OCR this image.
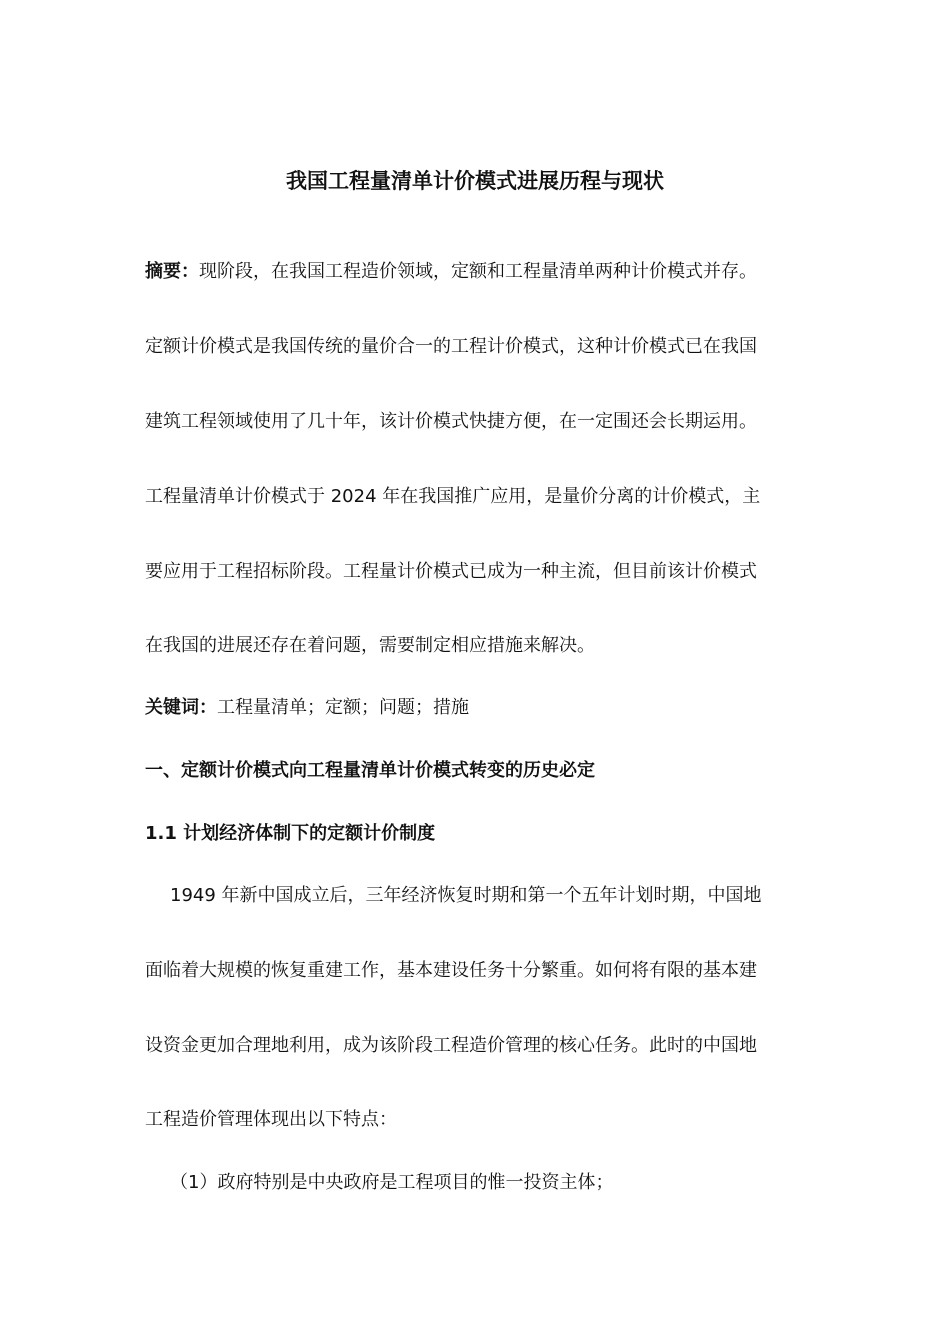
我国工程量清单计价模式进展历程与现状
摘要：现阶段，在我国工程造价领域，定额和工程量清单两种计价模式并存。
定额计价模式是我国传统的量价合一的工程计价模式，这种计价模式已在我国
建筑工程领域使用了几十年，该计价模式快捷方便，在一定围还会长期运用。
工程量清单计价模式于 2024 年在我国推广应用，是量价分离的计价模式，主
要应用于工程招标阶段。工程量计价模式已成为一种主流，但目前该计价模式
在我国的进展还存在着问题，需要制定相应措施来解决。
关键词：工程量清单；定额；问题；措施
一、定额计价模式向工程量清单计价模式转变的历史必定
1.1 计划经济体制下的定额计价制度
1949 年新中国成立后，三年经济恢复时期和第一个五年计划时期，中国地
面临着大规模的恢复重建工作，基本建设任务十分繁重。如何将有限的基本建
设资金更加合理地利用，成为该阶段工程造价管理的核心任务。此时的中国地
工程造价管理体现出以下特点：
（1）政府特别是中央政府是工程项目的惟一投资主体；
